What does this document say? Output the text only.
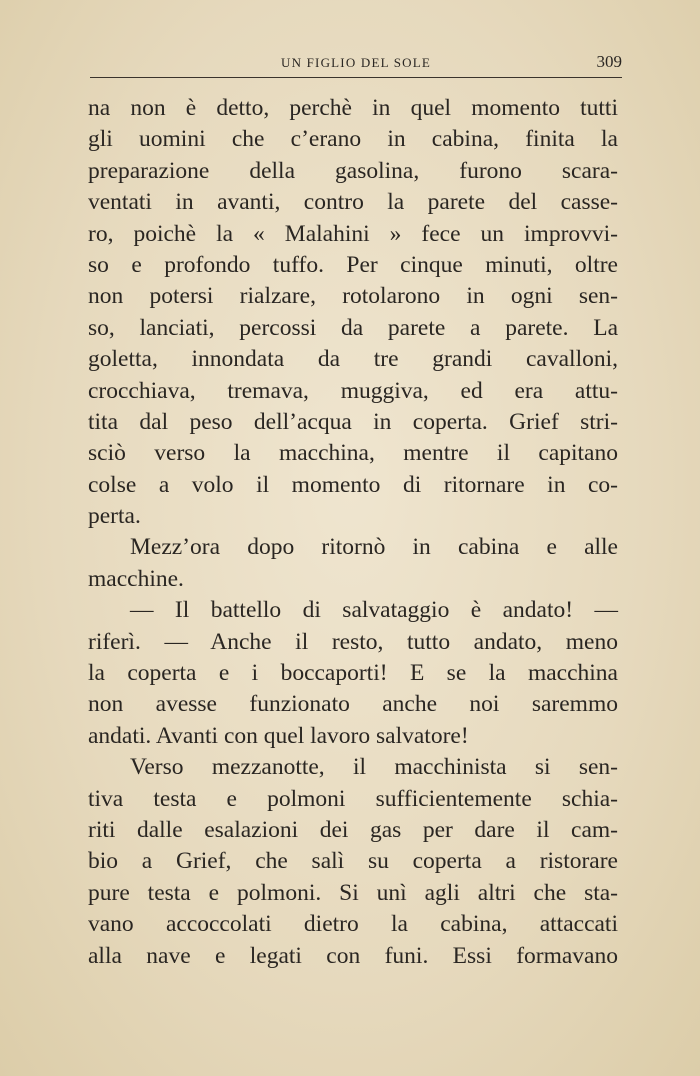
UN FIGLIO DEL SOLE	309
na non è detto, perchè in quel momento tutti
gli uomini che c’erano in cabina, finita la
preparazione della gasolina, furono scara-
ventati in avanti, contro la parete del casse-
ro, poichè la « Malahini » fece un improvvi-
so e profondo tuffo. Per cinque minuti, oltre
non potersi rialzare, rotolarono in ogni sen-
so, lanciati, percossi da parete a parete. La
goletta, innondata da tre grandi cavalloni,
crocchiava, tremava, muggiva, ed era attu-
tita dal peso dell’acqua in coperta. Grief stri-
sciò verso la macchina, mentre il capitano
colse a volo il momento di ritornare in co-
perta.
Mezz’ora dopo ritornò in cabina e alle
macchine.
— Il battello di salvataggio è andato! —
riferì. — Anche il resto, tutto andato, meno
la coperta e i boccaporti! E se la macchina
non avesse funzionato anche noi saremmo
andati. Avanti con quel lavoro salvatore!
Verso mezzanotte, il macchinista si sen-
tiva testa e polmoni sufficientemente schia-
riti dalle esalazioni dei gas per dare il cam-
bio a Grief, che salì su coperta a ristorare
pure testa e polmoni. Si unì agli altri che sta-
vano accoccolati dietro la cabina, attaccati
alla nave e legati con funi. Essi formavano
